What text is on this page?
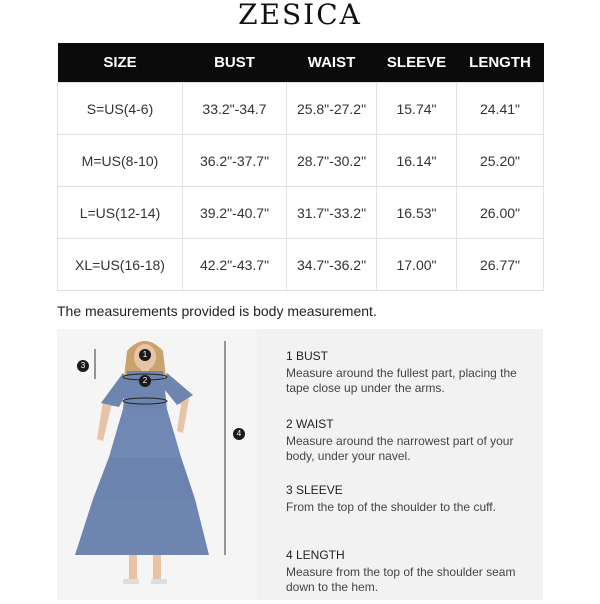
ZESICA
SIZE	BUST	WAIST	SLEEVE	LENGTH
S=US(4-6)	33.2"-34.7	25.8"-27.2"	15.74"	24.41"
M=US(8-10)	36.2"-37.7"	28.7"-30.2"	16.14"	25.20"
L=US(12-14)	39.2"-40.7"	31.7"-33.2"	16.53"	26.00"
XL=US(16-18)	42.2"-43.7"	34.7"-36.2"	17.00"	26.77"
The measurements provided is body measurement.
1
2
3
4
1 BUST
Measure around the fullest part, placing the tape close up under the arms.
2 WAIST
Measure around the narrowest part of your body, under your navel.
3 SLEEVE
From the top of the shoulder to the cuff.
4 LENGTH
Measure from the top of the shoulder seam down to the hem.
